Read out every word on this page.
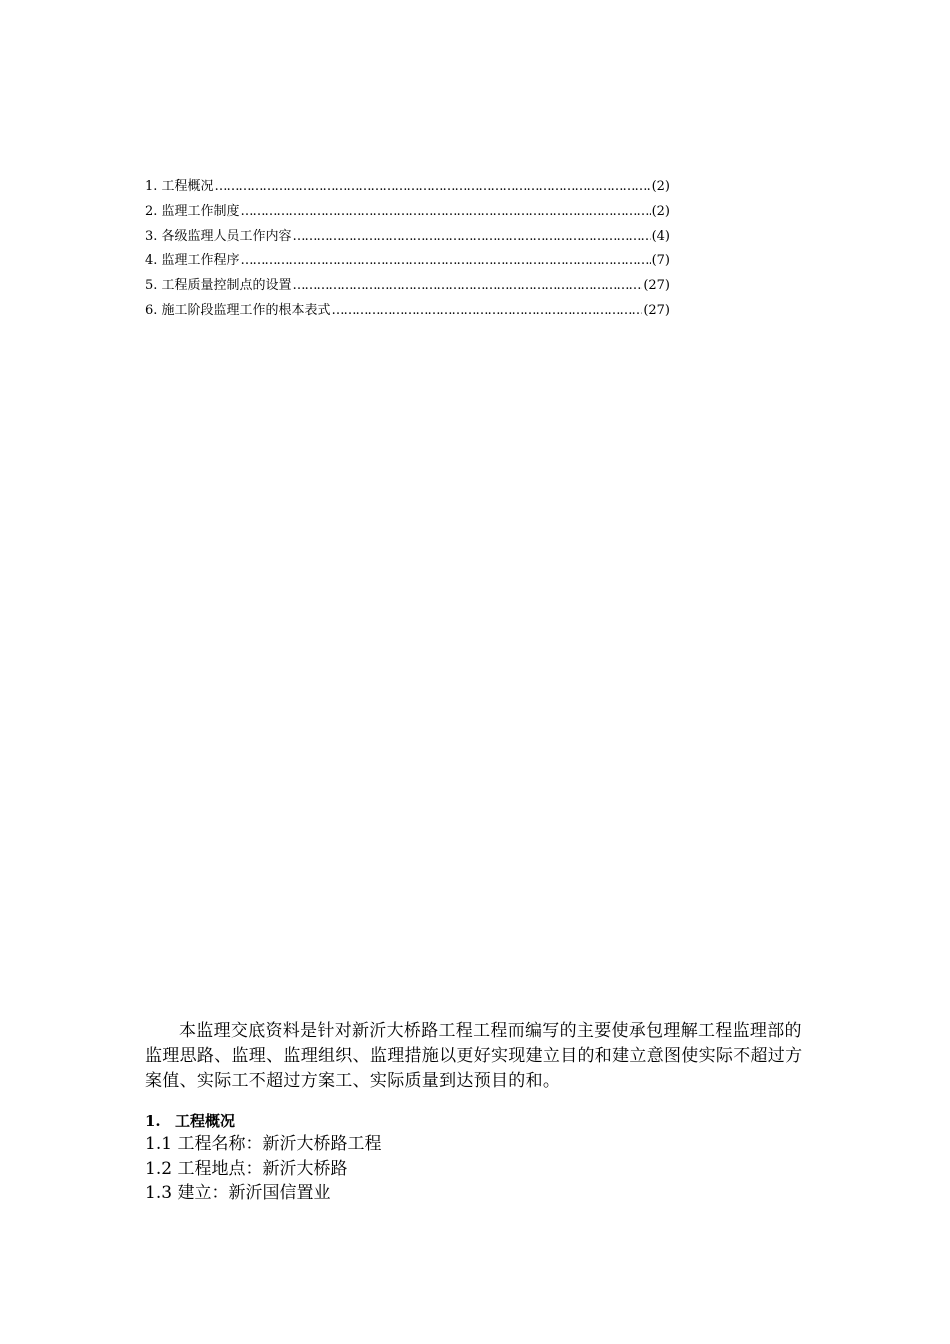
1. 工程概况 …………………………………………………………………………………………………………………………………………	(2)
2. 监理工作制度 …………………………………………………………………………………………………………………………………………	(2)
3. 各级监理人员工作内容 …………………………………………………………………………………………………………………………………………	(4)
4. 监理工作程序 …………………………………………………………………………………………………………………………………………	(7)
5. 工程质量控制点的设置 …………………………………………………………………………………………………………………………………………	(27)
6. 施工阶段监理工作的根本表式 …………………………………………………………………………………………………………………………………………	(27)

本监理交底资料是针对新沂大桥路工程工程而编写的主要使承包理解工程监理部的监理思路、监理、监理组织、监理措施以更好实现建立目的和建立意图使实际不超过方案值、实际工不超过方案工、实际质量到达预目的和。

1. 工程概况
1.1 工程名称：新沂大桥路工程
1.2 工程地点：新沂大桥路
1.3 建立：新沂国信置业
